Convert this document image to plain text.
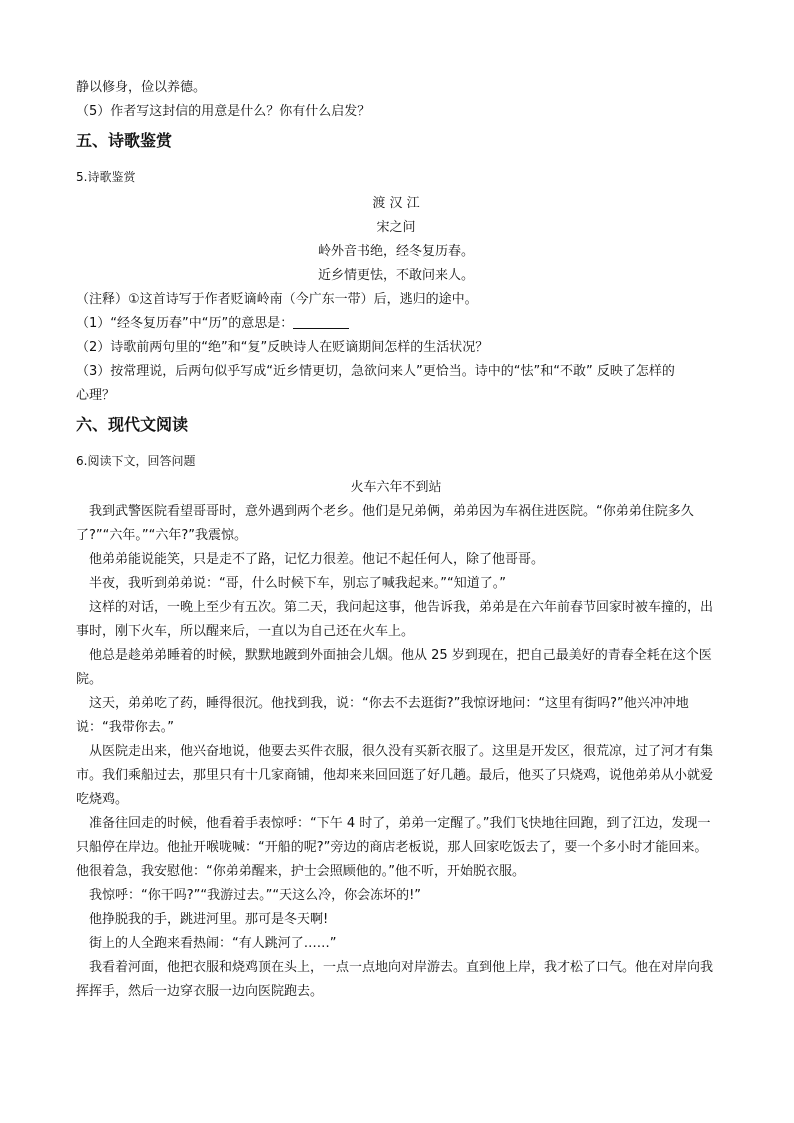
静以修身，俭以养德。

（5）作者写这封信的用意是什么？你有什么启发？

五、诗歌鉴赏
5.诗歌鉴赏

渡 汉 江

宋之问

岭外音书绝，经冬复历春。

近乡情更怯，不敢问来人。

（注释）①这首诗写于作者贬谪岭南（今广东一带）后，逃归的途中。

（1）“经冬复历春”中“历”的意思是：

（2）诗歌前两句里的“绝”和“复”反映诗人在贬谪期间怎样的生活状况？

（3）按常理说，后两句似乎写成“近乡情更切，急欲问来人”更恰当。诗中的“怯”和“不敢” 反映了怎样的

心理？

六、现代文阅读
6.阅读下文，回答问题

火车六年不到站

我到武警医院看望哥哥时，意外遇到两个老乡。他们是兄弟俩，弟弟因为车祸住进医院。“你弟弟住院多久了?”“六年。”“六年?”我震惊。

他弟弟能说能笑，只是走不了路，记忆力很差。他记不起任何人，除了他哥哥。

半夜，我听到弟弟说：“哥，什么时候下车，别忘了喊我起来。”“知道了。”

这样的对话，一晚上至少有五次。第二天，我问起这事，他告诉我，弟弟是在六年前春节回家时被车撞的，出事时，刚下火车，所以醒来后，一直以为自己还在火车上。

他总是趁弟弟睡着的时候，默默地踱到外面抽会儿烟。他从 25 岁到现在，把自己最美好的青春全耗在这个医院。

这天，弟弟吃了药，睡得很沉。他找到我，说：“你去不去逛街?”我惊讶地问：“这里有街吗?”他兴冲冲地说：“我带你去。”

从医院走出来，他兴奋地说，他要去买件衣服，很久没有买新衣服了。这里是开发区，很荒凉，过了河才有集市。我们乘船过去，那里只有十几家商铺，他却来来回回逛了好几趟。最后，他买了只烧鸡，说他弟弟从小就爱吃烧鸡。

准备往回走的时候，他看着手表惊呼：“下午 4 时了，弟弟一定醒了。”我们飞快地往回跑，到了江边，发现一只船停在岸边。他扯开喉咙喊：“开船的呢?”旁边的商店老板说，那人回家吃饭去了，要一个多小时才能回来。他很着急，我安慰他：“你弟弟醒来，护士会照顾他的。”他不听，开始脱衣服。

我惊呼：“你干吗?”“我游过去。”“天这么冷，你会冻坏的!”

他挣脱我的手，跳进河里。那可是冬天啊!

街上的人全跑来看热闹：“有人跳河了……”

我看着河面，他把衣服和烧鸡顶在头上，一点一点地向对岸游去。直到他上岸，我才松了口气。他在对岸向我挥挥手，然后一边穿衣服一边向医院跑去。
